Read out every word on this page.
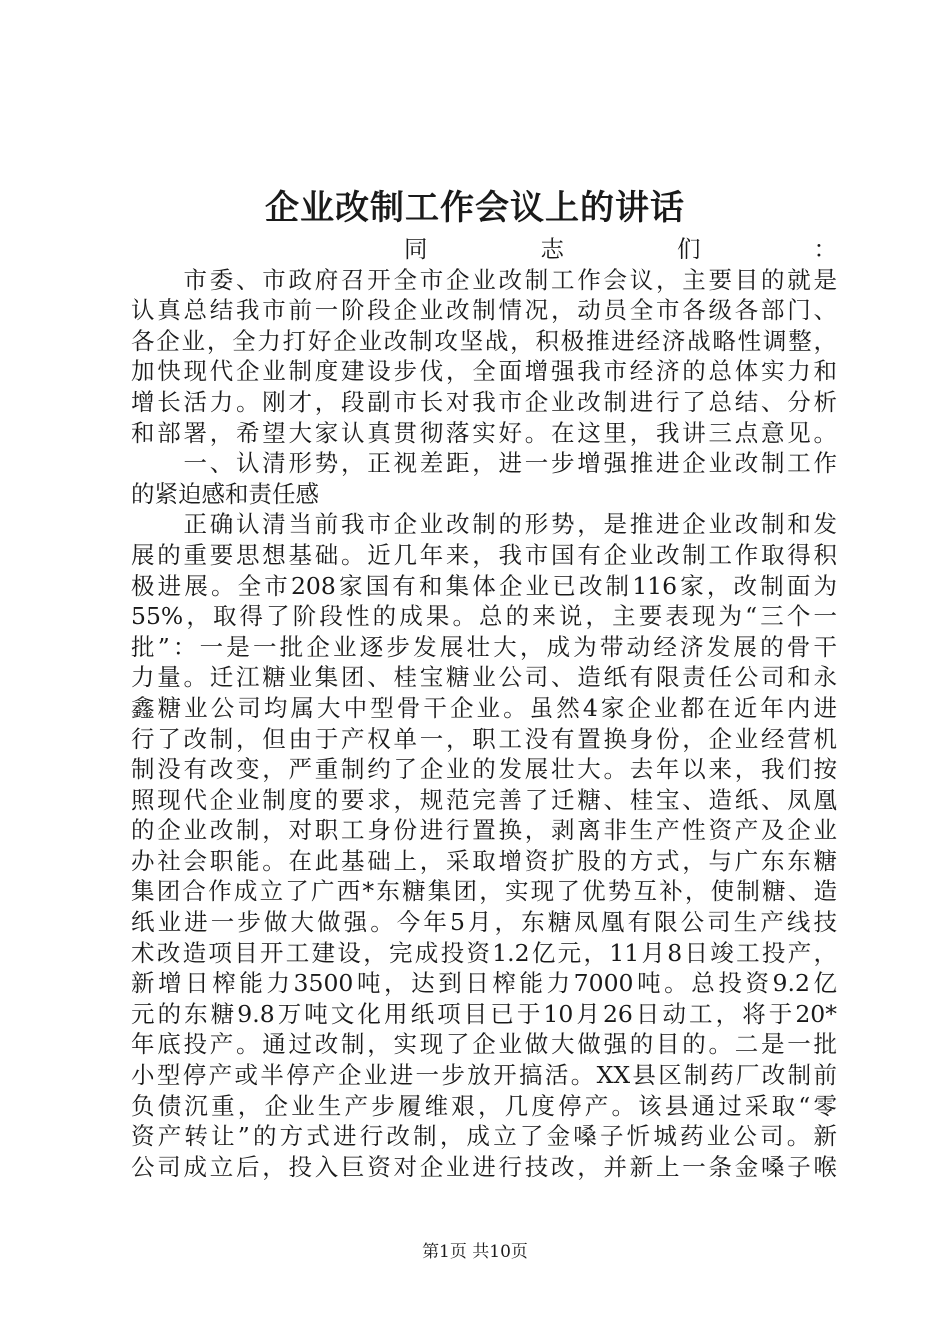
企业改制工作会议上的讲话
　　同志们：
　　市委、市政府召开全市企业改制工作会议，主要目的就是
认真总结我市前一阶段企业改制情况，动员全市各级各部门、
各企业，全力打好企业改制攻坚战，积极推进经济战略性调整，
加快现代企业制度建设步伐，全面增强我市经济的总体实力和
增长活力。刚才，段副市长对我市企业改制进行了总结、分析
和部署，希望大家认真贯彻落实好。在这里，我讲三点意见。
　　一、认清形势，正视差距，进一步增强推进企业改制工作
的紧迫感和责任感
　　正确认清当前我市企业改制的形势，是推进企业改制和发
展的重要思想基础。近几年来，我市国有企业改制工作取得积
极进展。全市208家国有和集体企业已改制116家，改制面为
55%，取得了阶段性的成果。总的来说，主要表现为“三个一
批”：一是一批企业逐步发展壮大，成为带动经济发展的骨干
力量。迁江糖业集团、桂宝糖业公司、造纸有限责任公司和永
鑫糖业公司均属大中型骨干企业。虽然4家企业都在近年内进
行了改制，但由于产权单一，职工没有置换身份，企业经营机
制没有改变，严重制约了企业的发展壮大。去年以来，我们按
照现代企业制度的要求，规范完善了迁糖、桂宝、造纸、凤凰
的企业改制，对职工身份进行置换，剥离非生产性资产及企业
办社会职能。在此基础上，采取增资扩股的方式，与广东东糖
集团合作成立了广西*东糖集团，实现了优势互补，使制糖、造
纸业进一步做大做强。今年5月，东糖凤凰有限公司生产线技
术改造项目开工建设，完成投资1.2亿元，11月8日竣工投产，
新增日榨能力3500吨，达到日榨能力7000吨。总投资9.2亿
元的东糖9.8万吨文化用纸项目已于10月26日动工，将于20*
年底投产。通过改制，实现了企业做大做强的目的。二是一批
小型停产或半停产企业进一步放开搞活。XX县区制药厂改制前
负债沉重，企业生产步履维艰，几度停产。该县通过采取“零
资产转让”的方式进行改制，成立了金嗓子忻城药业公司。新
公司成立后，投入巨资对企业进行技改，并新上一条金嗓子喉
第1页 共10页
